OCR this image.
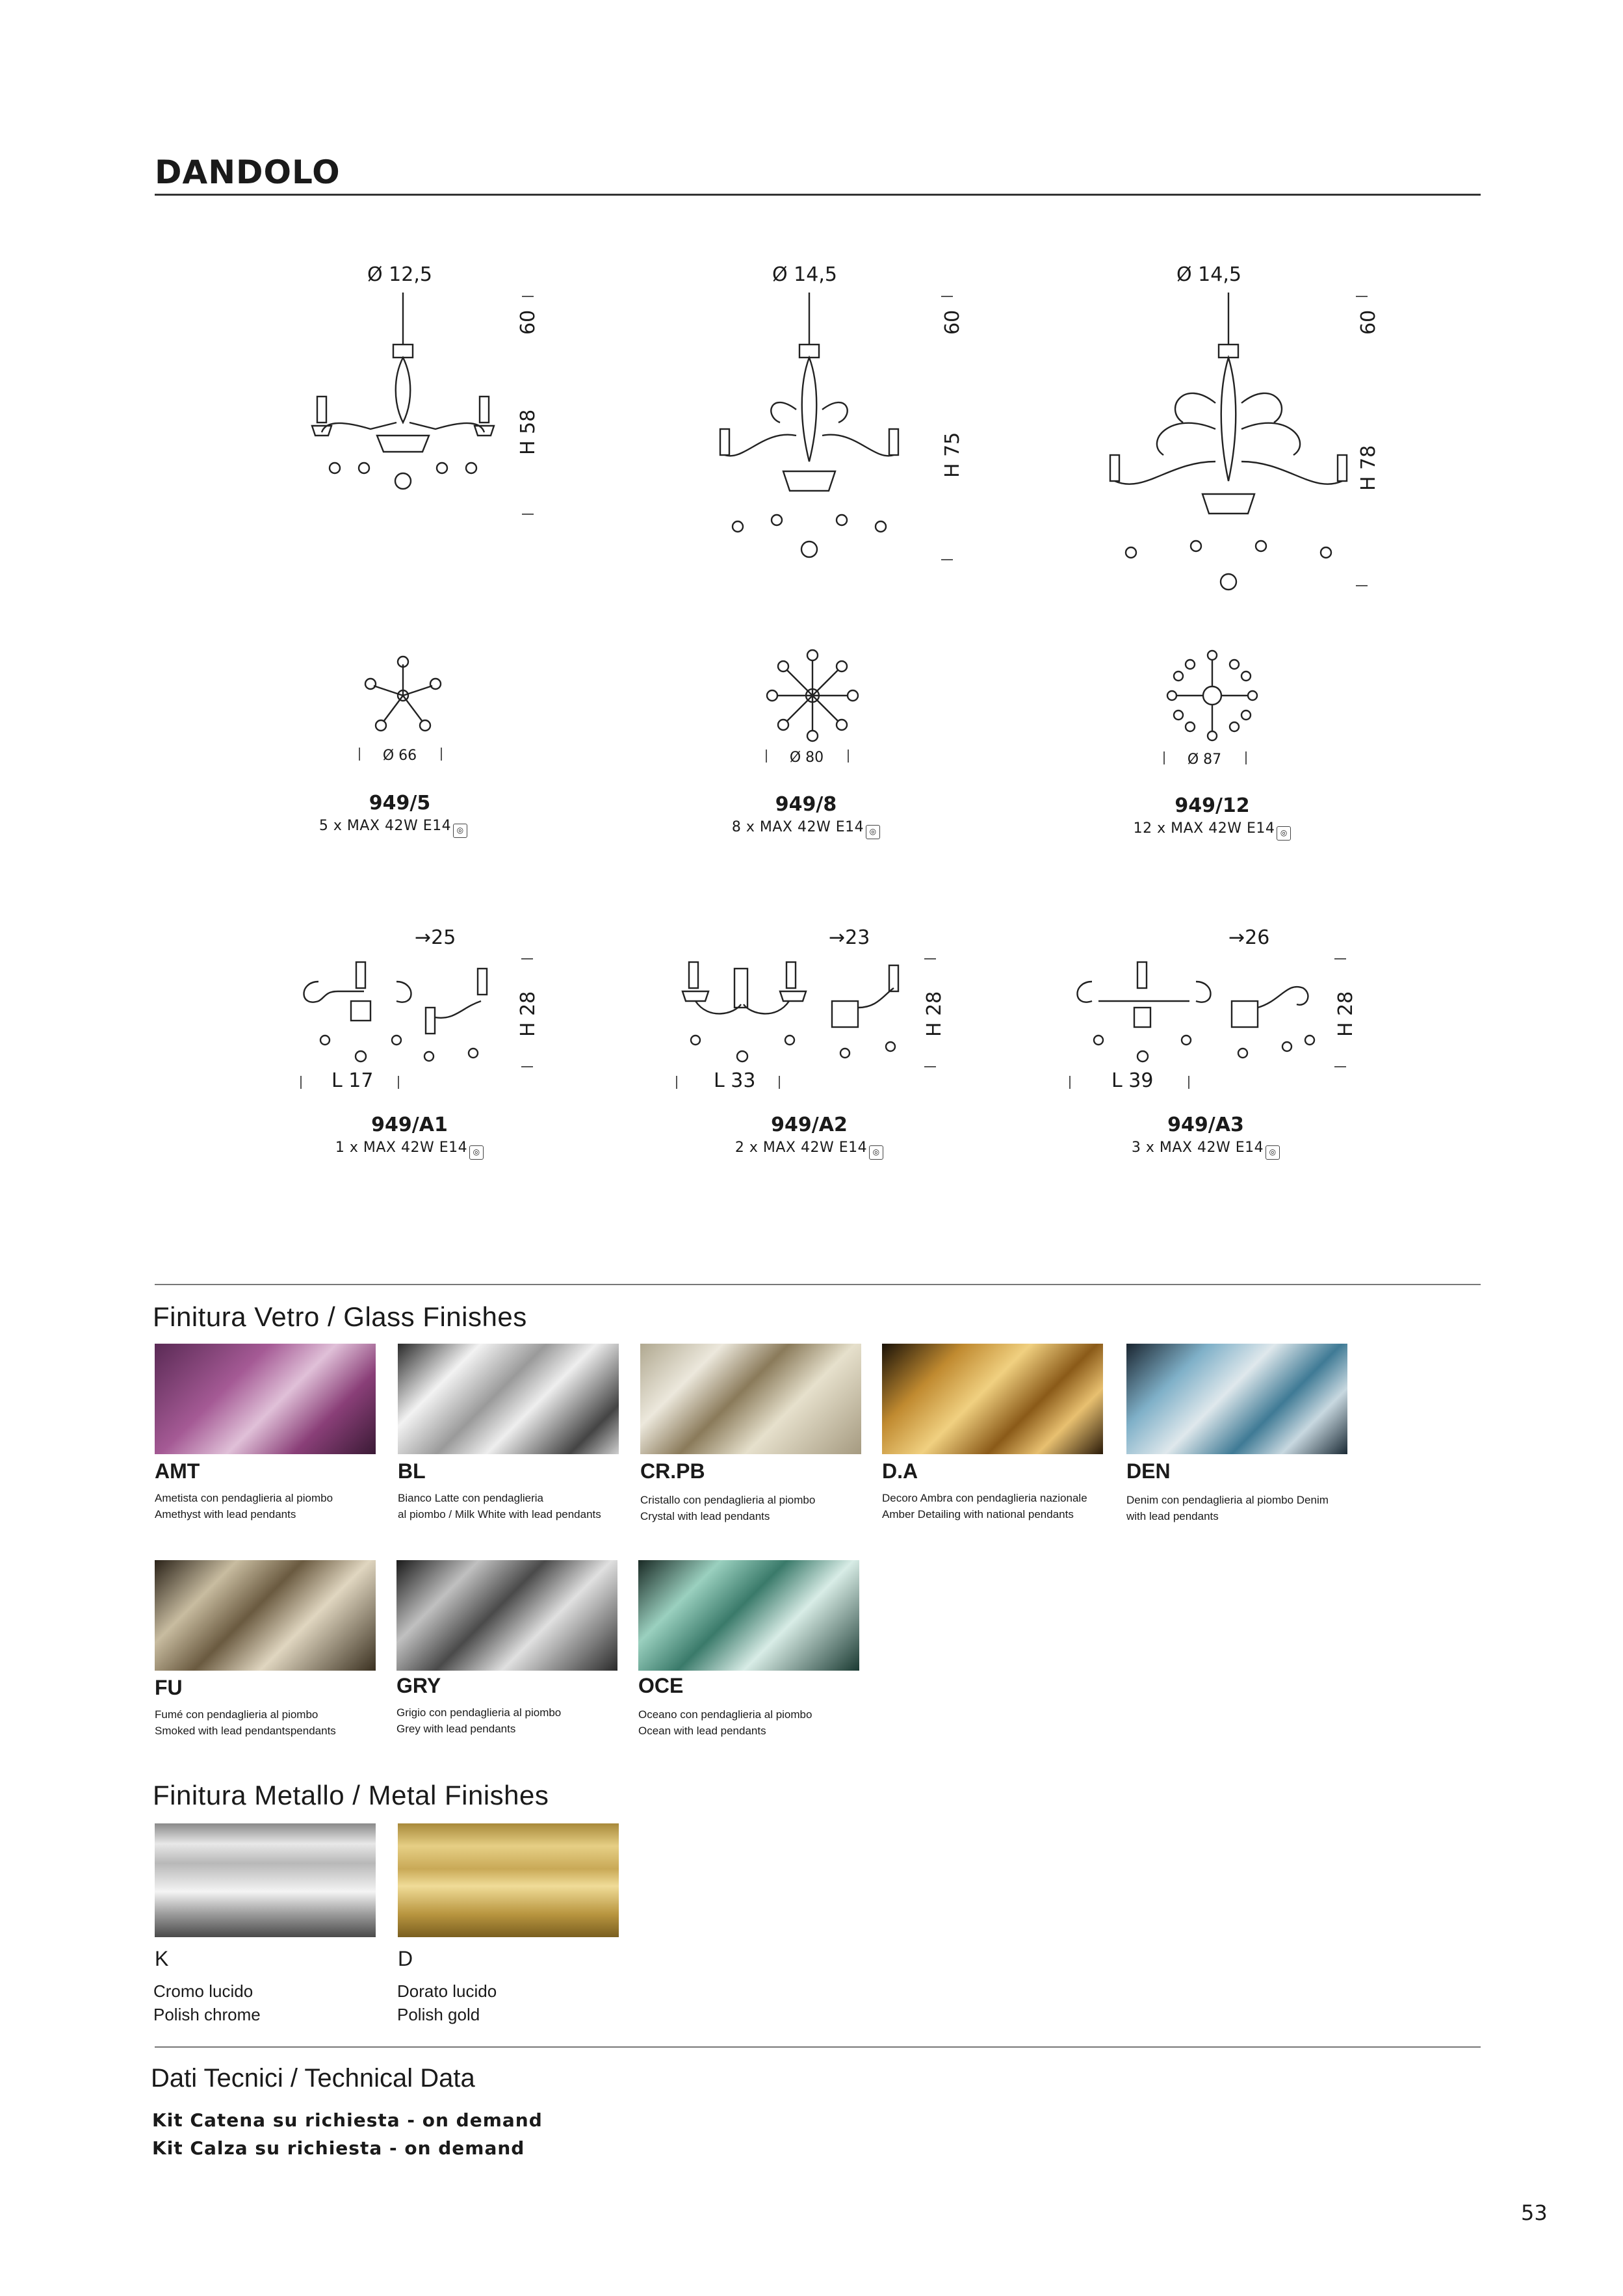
DANDOLO
Ø 12,5
60
H 58
Ø 66
949/5
5 x MAX 42W E14 ◎
Ø 14,5
60
H 75
Ø 80
949/8
8 x MAX 42W E14 ◎
Ø 14,5
60
H 78
Ø 87
949/12
12 x MAX 42W E14 ◎
→25
H 28
L 17
949/A1
1 x MAX 42W E14 ◎
→23
H 28
L 33
949/A2
2 x MAX 42W E14 ◎
→26
H 28
L 39
949/A3
3 x MAX 42W E14 ◎
Finitura Vetro / Glass Finishes
AMT
Ametista con pendaglieria al piombo
Amethyst with lead pendants
BL
Bianco Latte con pendaglieria
al piombo / Milk White with lead pendants
CR.PB
Cristallo con pendaglieria al piombo
Crystal with lead pendants
D.A
Decoro Ambra con pendaglieria nazionale
Amber Detailing with national pendants
DEN
Denim con pendaglieria al piombo Denim
with lead pendants
FU
Fumé con pendaglieria al piombo
Smoked with lead pendantspendants
GRY
Grigio con pendaglieria al piombo
Grey with lead pendants
OCE
Oceano con pendaglieria al piombo
Ocean with lead pendants
Finitura Metallo / Metal Finishes
K
Cromo lucido
Polish chrome
D
Dorato lucido
Polish gold
Dati Tecnici / Technical Data
Kit Catena su richiesta - on demand
Kit Calza su richiesta - on demand
53
